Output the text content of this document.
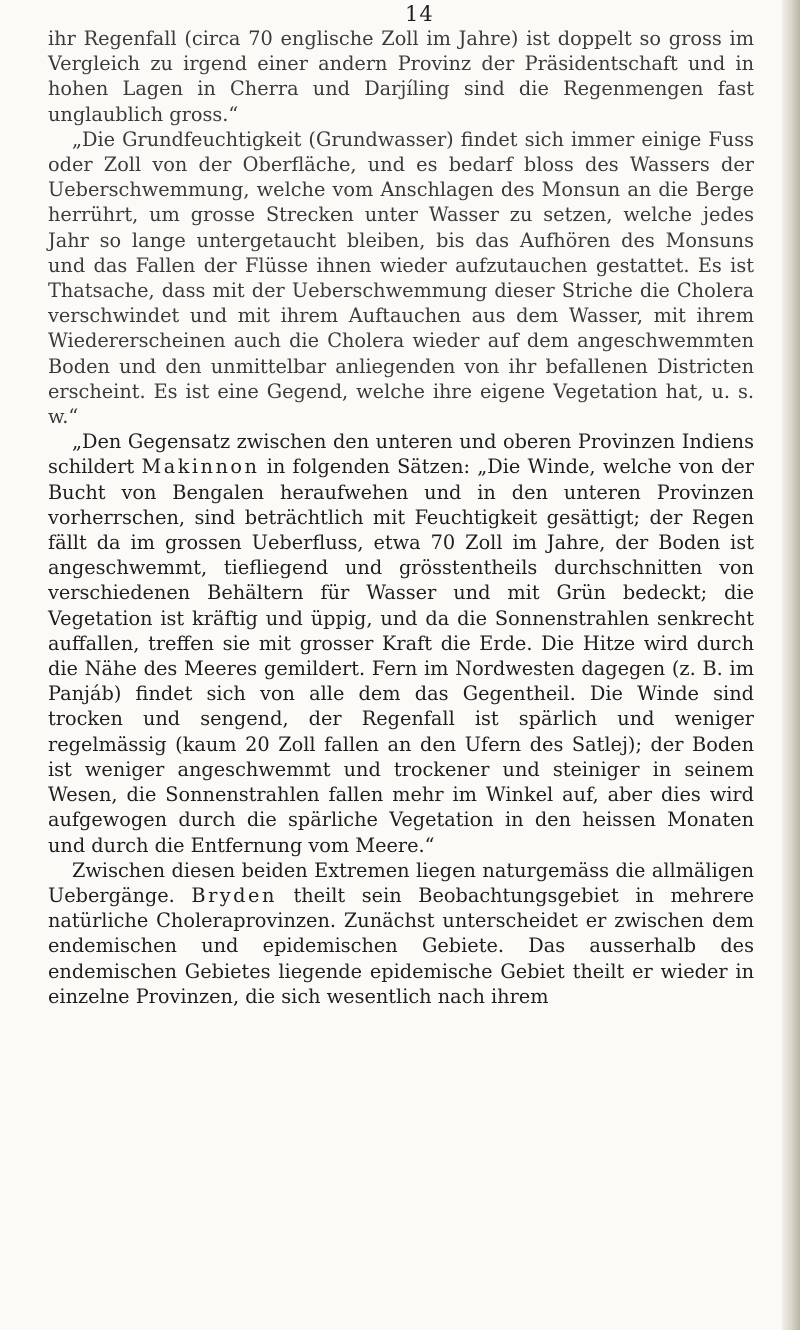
14

ihr Regenfall (circa 70 englische Zoll im Jahre) ist doppelt so gross im Vergleich zu irgend einer andern Provinz der Präsidentschaft und in hohen Lagen in Cherra und Darjíling sind die Regenmengen fast unglaublich gross.“

„Die Grundfeuchtigkeit (Grundwasser) findet sich immer einige Fuss oder Zoll von der Oberfläche, und es bedarf bloss des Wassers der Ueberschwemmung, welche vom Anschlagen des Monsun an die Berge herrührt, um grosse Strecken unter Wasser zu setzen, welche jedes Jahr so lange untergetaucht bleiben, bis das Aufhören des Monsuns und das Fallen der Flüsse ihnen wieder aufzutauchen gestattet. Es ist Thatsache, dass mit der Ueberschwemmung dieser Striche die Cholera verschwindet und mit ihrem Auftauchen aus dem Wasser, mit ihrem Wiedererscheinen auch die Cholera wieder auf dem angeschwemmten Boden und den unmittelbar anliegenden von ihr befallenen Districten erscheint. Es ist eine Gegend, welche ihre eigene Vegetation hat, u. s. w.“

„Den Gegensatz zwischen den unteren und oberen Provinzen Indiens schildert Makinnon in folgenden Sätzen: „Die Winde, welche von der Bucht von Bengalen heraufwehen und in den unteren Provinzen vorherrschen, sind beträchtlich mit Feuchtigkeit gesättigt; der Regen fällt da im grossen Ueberfluss, etwa 70 Zoll im Jahre, der Boden ist angeschwemmt, tiefliegend und grösstentheils durchschnitten von verschiedenen Behältern für Wasser und mit Grün bedeckt; die Vegetation ist kräftig und üppig, und da die Sonnenstrahlen senkrecht auffallen, treffen sie mit grosser Kraft die Erde. Die Hitze wird durch die Nähe des Meeres gemildert. Fern im Nordwesten dagegen (z. B. im Panjáb) findet sich von alle dem das Gegentheil. Die Winde sind trocken und sengend, der Regenfall ist spärlich und weniger regelmässig (kaum 20 Zoll fallen an den Ufern des Satlej); der Boden ist weniger angeschwemmt und trockener und steiniger in seinem Wesen, die Sonnenstrahlen fallen mehr im Winkel auf, aber dies wird aufgewogen durch die spärliche Vegetation in den heissen Monaten und durch die Entfernung vom Meere.“

Zwischen diesen beiden Extremen liegen naturgemäss die allmäligen Uebergänge. Bryden theilt sein Beobachtungsgebiet in mehrere natürliche Choleraprovinzen. Zunächst unterscheidet er zwischen dem endemischen und epidemischen Gebiete. Das ausserhalb des endemischen Gebietes liegende epidemische Gebiet theilt er wieder in einzelne Provinzen, die sich wesentlich nach ihrem
